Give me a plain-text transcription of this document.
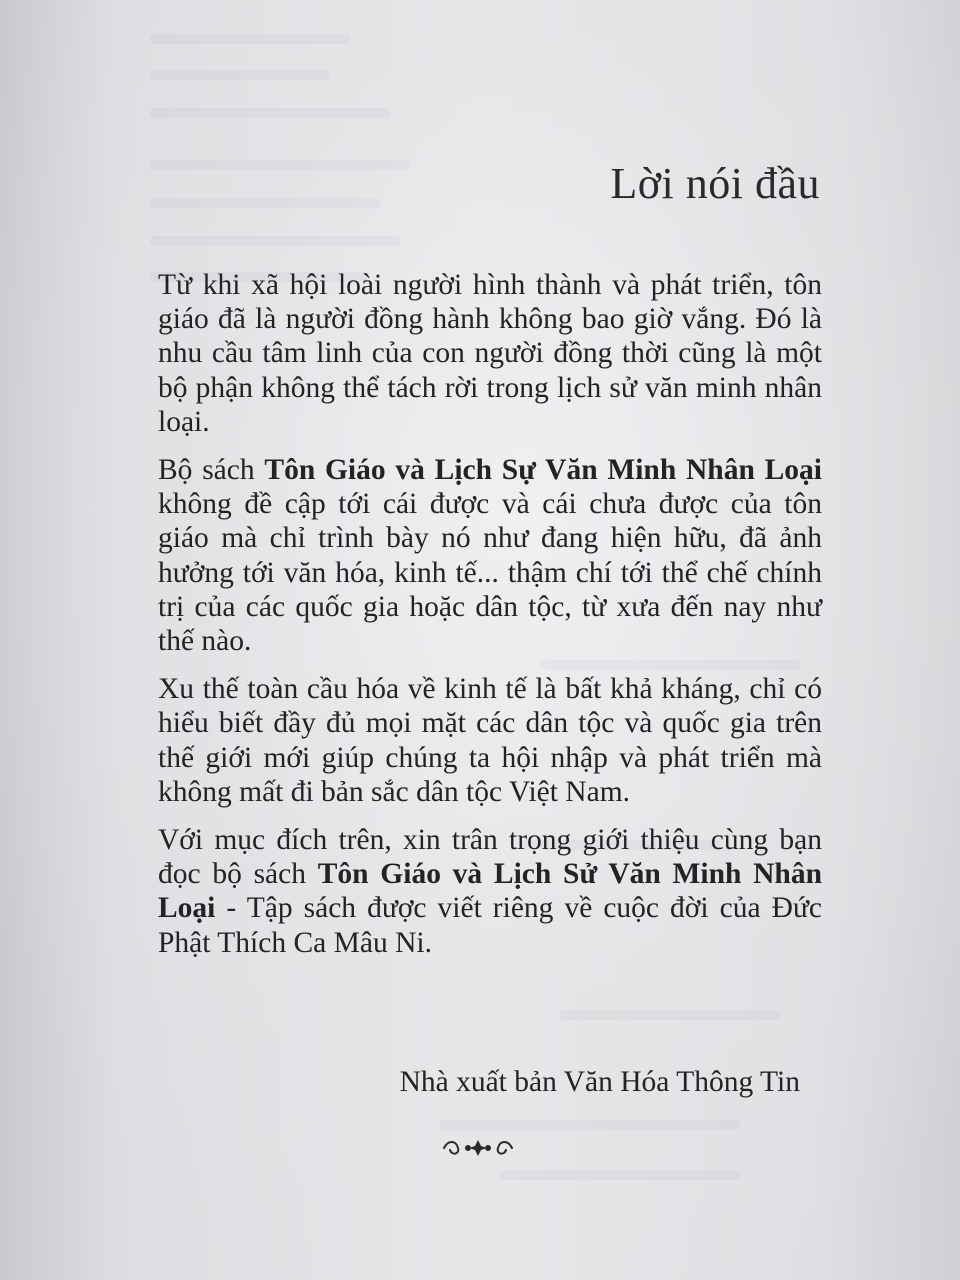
Lời nói đầu

Từ khi xã hội loài người hình thành và phát triển, tôn giáo đã là người đồng hành không bao giờ vắng. Đó là nhu cầu tâm linh của con người đồng thời cũng là một bộ phận không thể tách rời trong lịch sử văn minh nhân loại.

Bộ sách Tôn Giáo và Lịch Sự Văn Minh Nhân Loại không đề cập tới cái được và cái chưa được của tôn giáo mà chỉ trình bày nó như đang hiện hữu, đã ảnh hưởng tới văn hóa, kinh tế... thậm chí tới thể chế chính trị của các quốc gia hoặc dân tộc, từ xưa đến nay như thế nào.

Xu thế toàn cầu hóa về kinh tế là bất khả kháng, chỉ có hiểu biết đầy đủ mọi mặt các dân tộc và quốc gia trên thế giới mới giúp chúng ta hội nhập và phát triển mà không mất đi bản sắc dân tộc Việt Nam.

Với mục đích trên, xin trân trọng giới thiệu cùng bạn đọc bộ sách Tôn Giáo và Lịch Sử Văn Minh Nhân Loại - Tập sách được viết riêng về cuộc đời của Đức Phật Thích Ca Mâu Ni.

Nhà xuất bản Văn Hóa Thông Tin
